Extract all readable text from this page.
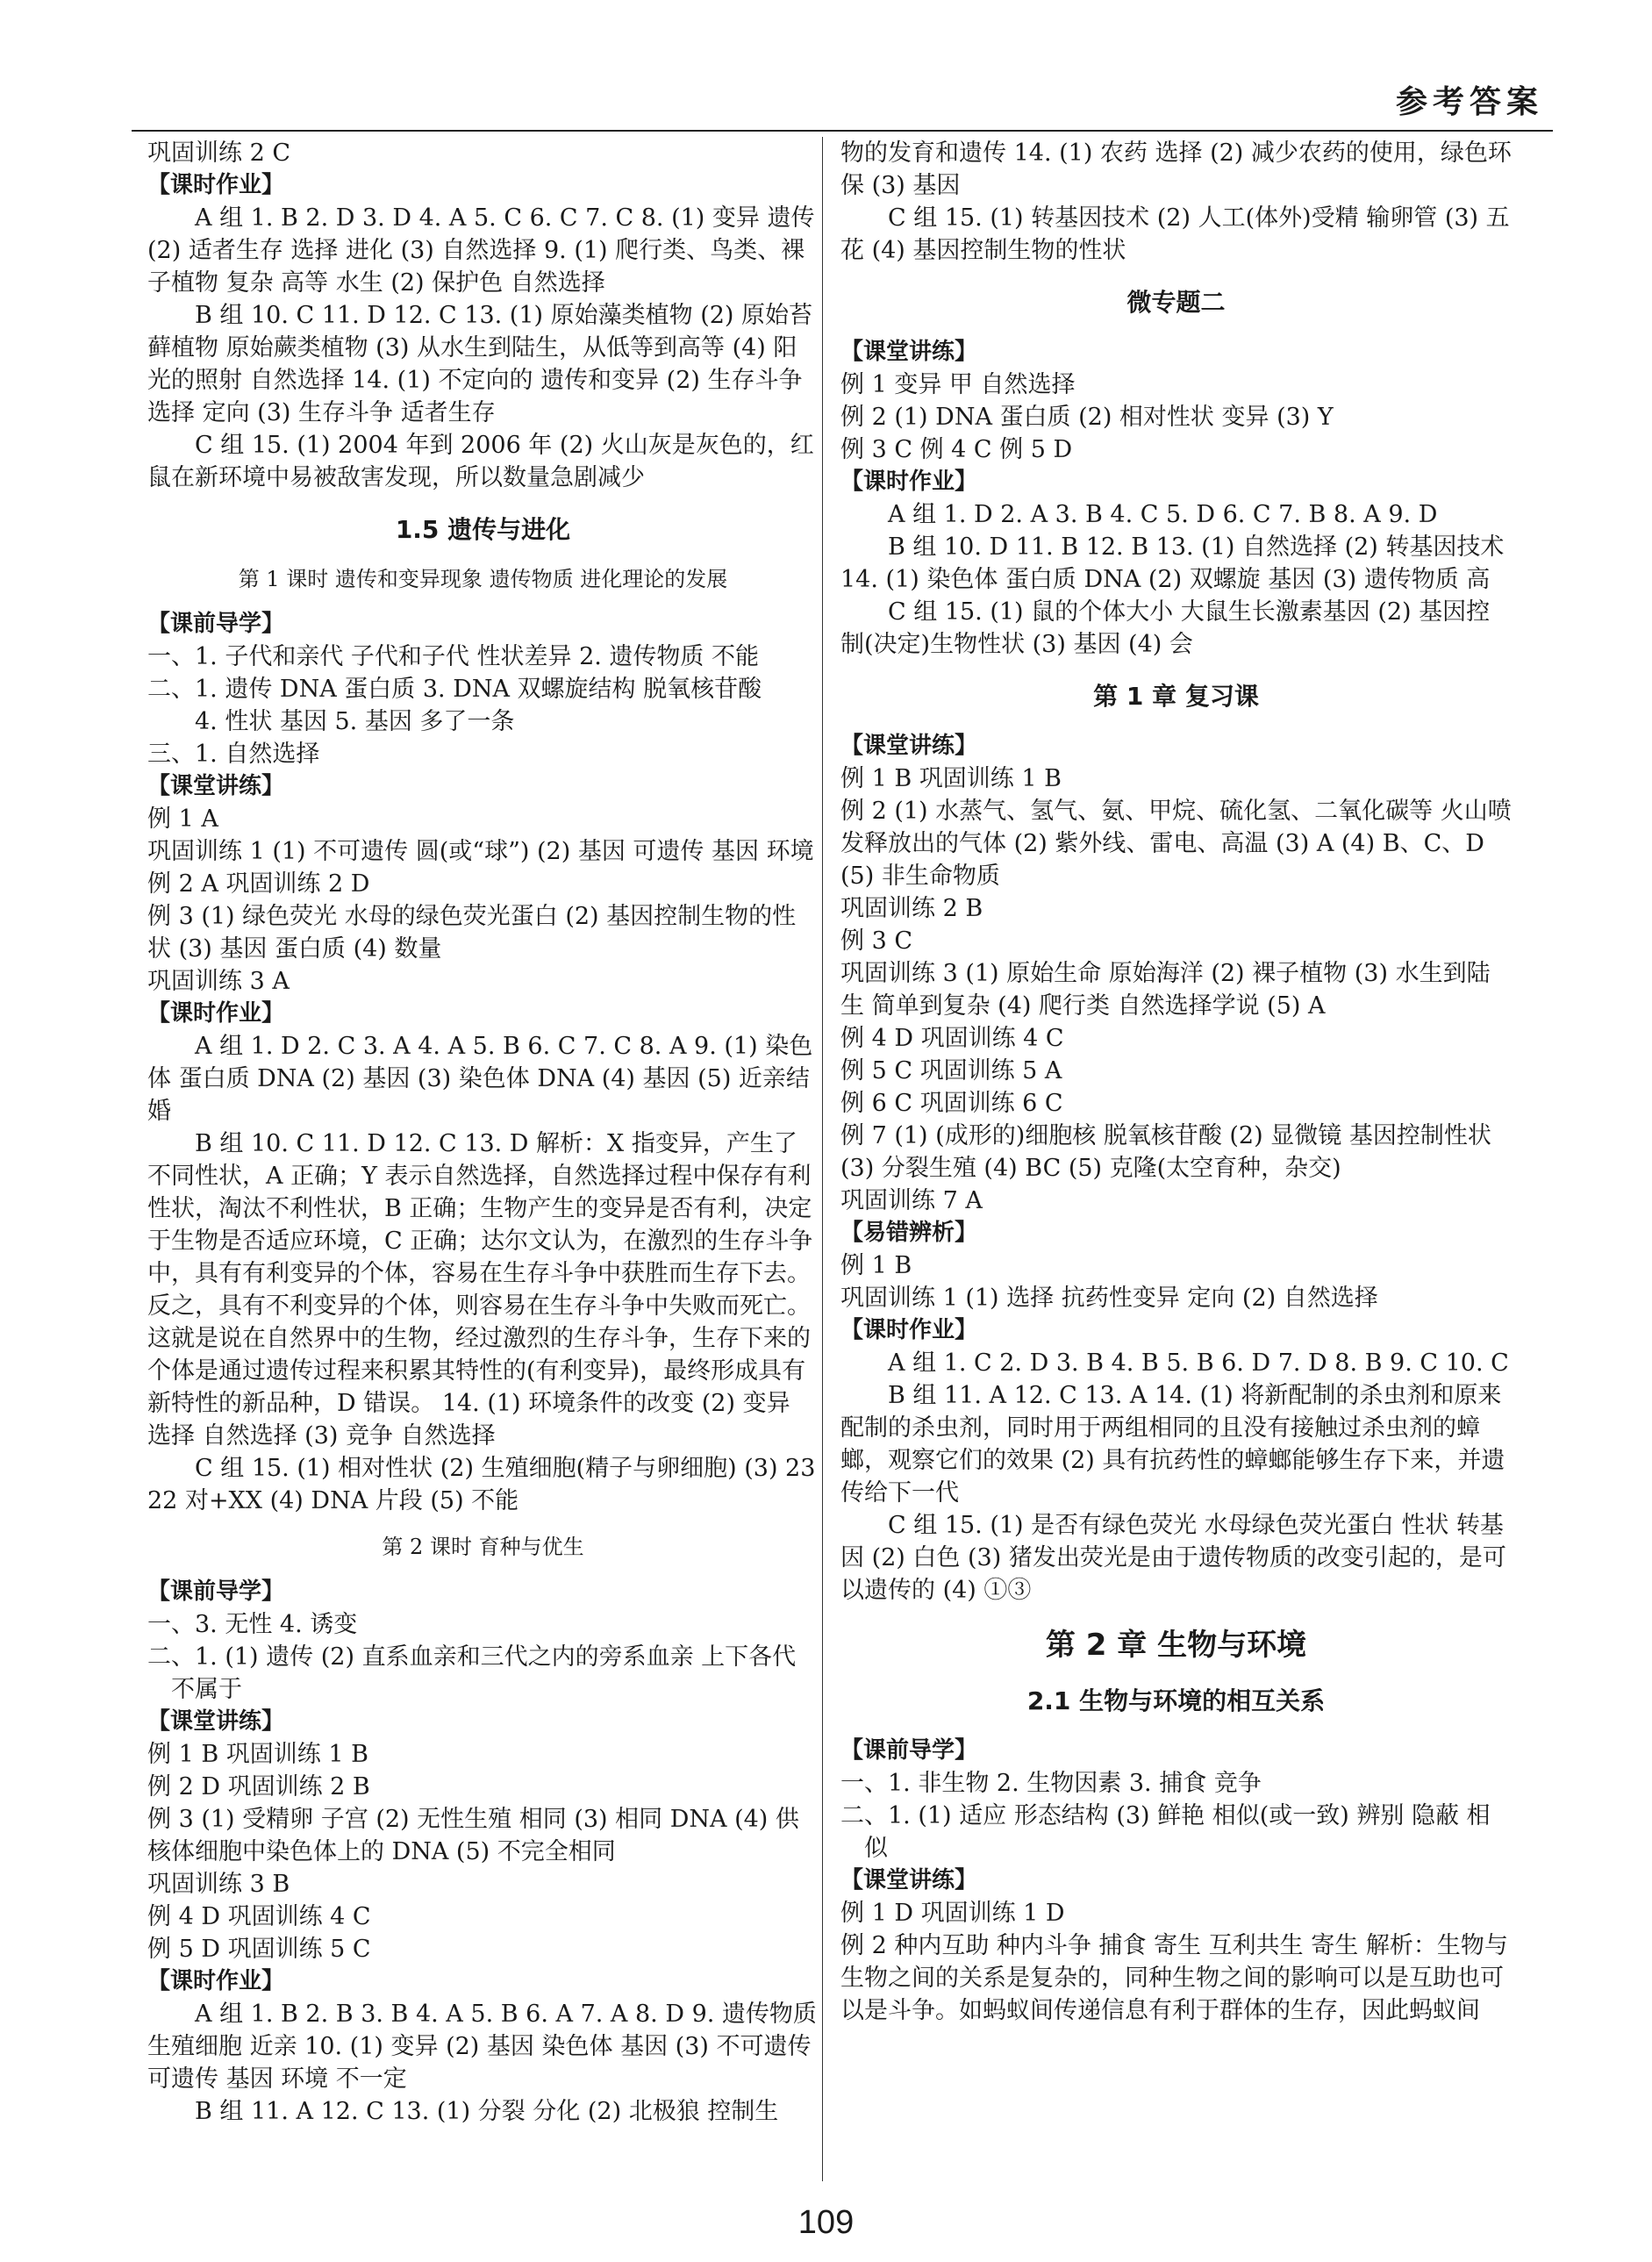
参考答案
巩固训练 2 C
【课时作业】
A 组 1. B 2. D 3. D 4. A 5. C 6. C 7. C 8. (1) 变异 遗传 (2) 适者生存 选择 进化 (3) 自然选择 9. (1) 爬行类、鸟类、裸子植物 复杂 高等 水生 (2) 保护色 自然选择
B 组 10. C 11. D 12. C 13. (1) 原始藻类植物 (2) 原始苔藓植物 原始蕨类植物 (3) 从水生到陆生，从低等到高等 (4) 阳光的照射 自然选择 14. (1) 不定向的 遗传和变异 (2) 生存斗争 选择 定向 (3) 生存斗争 适者生存
C 组 15. (1) 2004 年到 2006 年 (2) 火山灰是灰色的，红鼠在新环境中易被敌害发现，所以数量急剧减少
1.5 遗传与进化
第 1 课时 遗传和变异现象 遗传物质 进化理论的发展
【课前导学】
一、1. 子代和亲代 子代和子代 性状差异 2. 遗传物质 不能
二、1. 遗传 DNA 蛋白质 3. DNA 双螺旋结构 脱氧核苷酸
4. 性状 基因 5. 基因 多了一条
三、1. 自然选择
【课堂讲练】
例 1 A
巩固训练 1 (1) 不可遗传 圆(或“球”) (2) 基因 可遗传 基因 环境
例 2 A 巩固训练 2 D
例 3 (1) 绿色荧光 水母的绿色荧光蛋白 (2) 基因控制生物的性状 (3) 基因 蛋白质 (4) 数量
巩固训练 3 A
【课时作业】
A 组 1. D 2. C 3. A 4. A 5. B 6. C 7. C 8. A 9. (1) 染色体 蛋白质 DNA (2) 基因 (3) 染色体 DNA (4) 基因 (5) 近亲结婚
B 组 10. C 11. D 12. C 13. D 解析：X 指变异，产生了不同性状，A 正确；Y 表示自然选择，自然选择过程中保存有利性状，淘汰不利性状，B 正确；生物产生的变异是否有利，决定于生物是否适应环境，C 正确；达尔文认为，在激烈的生存斗争中，具有有利变异的个体，容易在生存斗争中获胜而生存下去。反之，具有不利变异的个体，则容易在生存斗争中失败而死亡。这就是说在自然界中的生物，经过激烈的生存斗争，生存下来的个体是通过遗传过程来积累其特性的(有利变异)，最终形成具有新特性的新品种，D 错误。 14. (1) 环境条件的改变 (2) 变异 选择 自然选择 (3) 竞争 自然选择
C 组 15. (1) 相对性状 (2) 生殖细胞(精子与卵细胞) (3) 23 22 对+XX (4) DNA 片段 (5) 不能
第 2 课时 育种与优生
【课前导学】
一、3. 无性 4. 诱变
二、1. (1) 遗传 (2) 直系血亲和三代之内的旁系血亲 上下各代不属于
【课堂讲练】
例 1 B 巩固训练 1 B
例 2 D 巩固训练 2 B
例 3 (1) 受精卵 子宫 (2) 无性生殖 相同 (3) 相同 DNA (4) 供核体细胞中染色体上的 DNA (5) 不完全相同
巩固训练 3 B
例 4 D 巩固训练 4 C
例 5 D 巩固训练 5 C
【课时作业】
A 组 1. B 2. B 3. B 4. A 5. B 6. A 7. A 8. D 9. 遗传物质 生殖细胞 近亲 10. (1) 变异 (2) 基因 染色体 基因 (3) 不可遗传 可遗传 基因 环境 不一定
B 组 11. A 12. C 13. (1) 分裂 分化 (2) 北极狼 控制生
物的发育和遗传 14. (1) 农药 选择 (2) 减少农药的使用，绿色环保 (3) 基因
C 组 15. (1) 转基因技术 (2) 人工(体外)受精 输卵管 (3) 五花 (4) 基因控制生物的性状
微专题二
【课堂讲练】
例 1 变异 甲 自然选择
例 2 (1) DNA 蛋白质 (2) 相对性状 变异 (3) Y
例 3 C 例 4 C 例 5 D
【课时作业】
A 组 1. D 2. A 3. B 4. C 5. D 6. C 7. B 8. A 9. D
B 组 10. D 11. B 12. B 13. (1) 自然选择 (2) 转基因技术 14. (1) 染色体 蛋白质 DNA (2) 双螺旋 基因 (3) 遗传物质 高
C 组 15. (1) 鼠的个体大小 大鼠生长激素基因 (2) 基因控制(决定)生物性状 (3) 基因 (4) 会
第 1 章 复习课
【课堂讲练】
例 1 B 巩固训练 1 B
例 2 (1) 水蒸气、氢气、氨、甲烷、硫化氢、二氧化碳等 火山喷发释放出的气体 (2) 紫外线、雷电、高温 (3) A (4) B、C、D (5) 非生命物质
巩固训练 2 B
例 3 C
巩固训练 3 (1) 原始生命 原始海洋 (2) 裸子植物 (3) 水生到陆生 简单到复杂 (4) 爬行类 自然选择学说 (5) A
例 4 D 巩固训练 4 C
例 5 C 巩固训练 5 A
例 6 C 巩固训练 6 C
例 7 (1) (成形的)细胞核 脱氧核苷酸 (2) 显微镜 基因控制性状 (3) 分裂生殖 (4) BC (5) 克隆(太空育种，杂交)
巩固训练 7 A
【易错辨析】
例 1 B
巩固训练 1 (1) 选择 抗药性变异 定向 (2) 自然选择
【课时作业】
A 组 1. C 2. D 3. B 4. B 5. B 6. D 7. D 8. B 9. C 10. C
B 组 11. A 12. C 13. A 14. (1) 将新配制的杀虫剂和原来配制的杀虫剂，同时用于两组相同的且没有接触过杀虫剂的蟑螂，观察它们的效果 (2) 具有抗药性的蟑螂能够生存下来，并遗传给下一代
C 组 15. (1) 是否有绿色荧光 水母绿色荧光蛋白 性状 转基因 (2) 白色 (3) 猪发出荧光是由于遗传物质的改变引起的，是可以遗传的 (4) ①③
第 2 章 生物与环境
2.1 生物与环境的相互关系
【课前导学】
一、1. 非生物 2. 生物因素 3. 捕食 竞争
二、1. (1) 适应 形态结构 (3) 鲜艳 相似(或一致) 辨别 隐蔽 相似
【课堂讲练】
例 1 D 巩固训练 1 D
例 2 种内互助 种内斗争 捕食 寄生 互利共生 寄生 解析：生物与生物之间的关系是复杂的，同种生物之间的影响可以是互助也可以是斗争。如蚂蚁间传递信息有利于群体的生存，因此蚂蚁间
109
